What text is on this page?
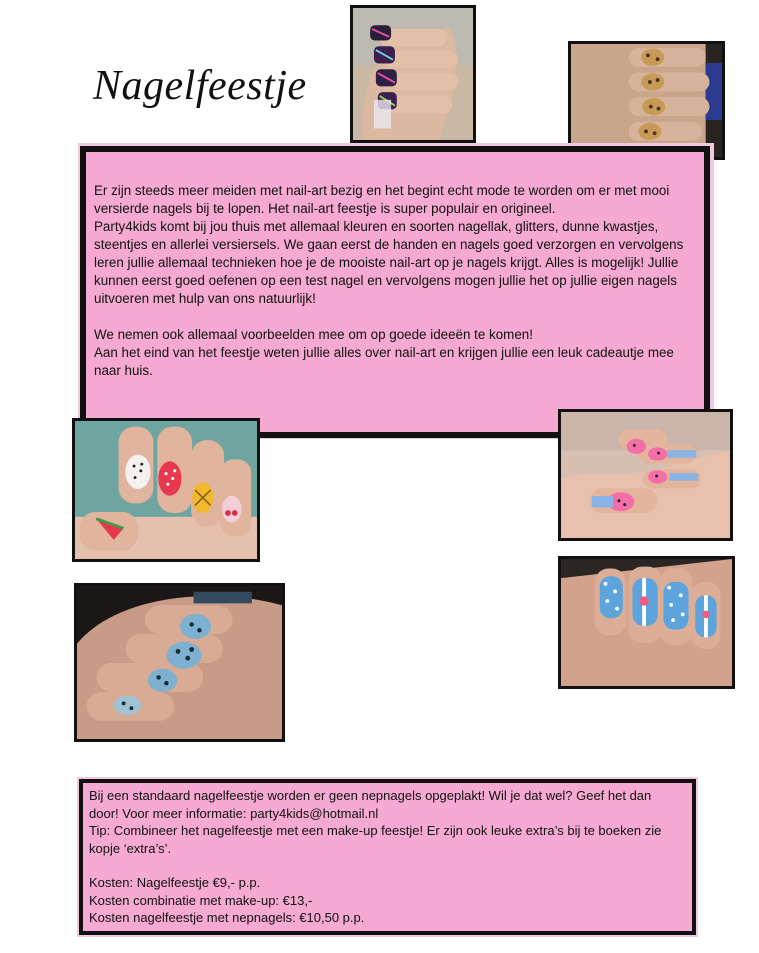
Nagelfeestje

Er zijn steeds meer meiden met nail-art bezig en het begint echt mode te worden om er met mooi versierde nagels bij te lopen. Het nail-art feestje is super populair en origineel.
Party4kids komt bij jou thuis met allemaal kleuren en soorten nagellak, glitters, dunne kwastjes, steentjes en allerlei versiersels. We gaan eerst de handen en nagels goed verzorgen en vervolgens leren jullie allemaal technieken hoe je de mooiste nail-art op je nagels krijgt. Alles is mogelijk! Jullie kunnen eerst goed oefenen op een test nagel en vervolgens mogen jullie het op jullie eigen nagels uitvoeren met hulp van ons natuurlijk!

We nemen ook allemaal voorbeelden mee om op goede ideeën te komen!
Aan het eind van het feestje weten jullie alles over nail-art en krijgen jullie een leuk cadeautje mee naar huis.

Bij een standaard nagelfeestje worden er geen nepnagels opgeplakt! Wil je dat wel? Geef het dan door! Voor meer informatie: party4kids@hotmail.nl

Tip: Combineer het nagelfeestje met een make-up feestje! Er zijn ook leuke extra’s bij te boeken zie kopje ‘extra’s’.

Kosten: Nagelfeestje €9,- p.p.

Kosten combinatie met make-up: €13,-

Kosten nagelfeestje met nepnagels: €10,50 p.p.
